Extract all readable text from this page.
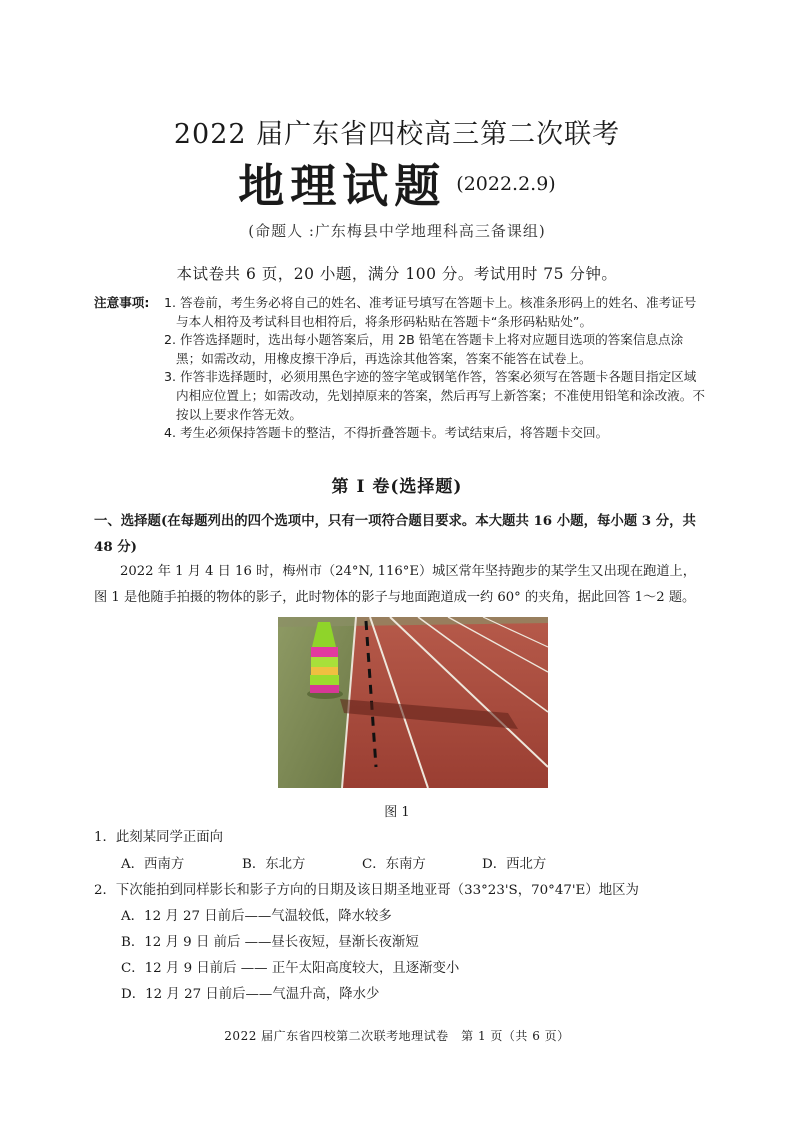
2022 届广东省四校高三第二次联考
地理试题 $^{(2022.2.9)}$
(命题人 :广东梅县中学地理科高三备课组)
本试卷共 6 页，20 小题，满分 100 分。考试用时 75 分钟。
注意事项: 1. 答卷前，考生务必将自己的姓名、准考证号填写在答题卡上。核准条形码上的姓名、准考证号与本人相符及考试科目也相符后，将条形码粘贴在答题卡“条形码粘贴处”。
2. 作答选择题时，选出每小题答案后，用 2B 铅笔在答题卡上将对应题目选项的答案信息点涂黑；如需改动，用橡皮擦干净后，再选涂其他答案，答案不能答在试卷上。
3. 作答非选择题时，必须用黑色字迹的签字笔或钢笔作答，答案必须写在答题卡各题目指定区域内相应位置上；如需改动，先划掉原来的答案，然后再写上新答案；不准使用铅笔和涂改液。不按以上要求作答无效。
4. 考生必须保持答题卡的整洁，不得折叠答题卡。考试结束后，将答题卡交回。
第 I 卷(选择题)
一、选择题(在每题列出的四个选项中，只有一项符合题目要求。本大题共 16 小题，每小题 3 分，共 48 分)
2022 年 1 月 4 日 16 时，梅州市（24°N, 116°E）城区常年坚持跑步的某学生又出现在跑道上，图 1 是他随手拍摄的物体的影子，此时物体的影子与地面跑道成一约 60° 的夹角，据此回答 1～2 题。
图 1
1．此刻某同学正面向
A．西南方	B．东北方	C．东南方	D．西北方
2．下次能拍到同样影长和影子方向的日期及该日期圣地亚哥（33°23'S，70°47'E）地区为
A．12 月 27 日前后——气温较低，降水较多
B．12 月 9 日 前后 ——昼长夜短，昼渐长夜渐短
C．12 月 9 日前后 —— 正午太阳高度较大，且逐渐变小
D．12 月 27 日前后——气温升高，降水少
2022 届广东省四校第二次联考地理试卷　第 1 页（共 6 页）
